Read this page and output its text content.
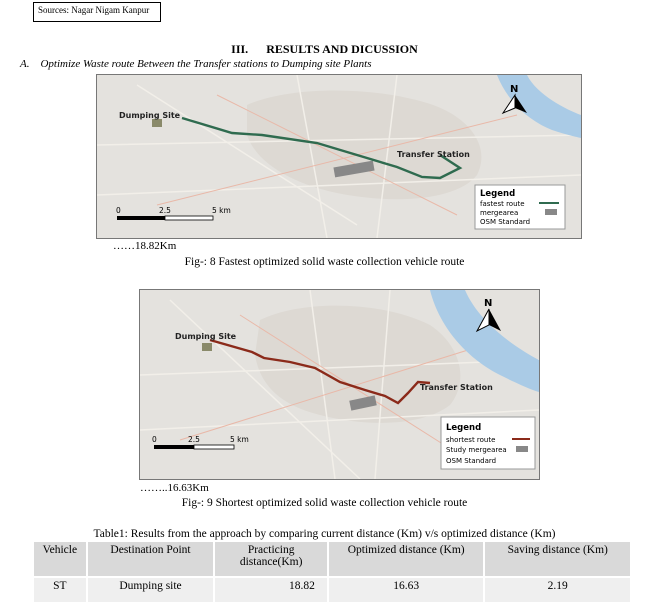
Sources: Nagar Nigam Kanpur
III. RESULTS AND DICUSSION
A. Optimize Waste route Between the Transfer stations to Dumping site Plants
Dumping Site
Transfer Station
N
0	2.5	5 km
Legend
fastest route
mergearea
OSM Standard
……18.82Km
Fig-: 8 Fastest optimized solid waste collection vehicle route
Dumping Site
Transfer Station
N
0	2.5	5 km
Legend
shortest route
Study mergearea
OSM Standard
……..16.63Km
Fig-: 9 Shortest optimized solid waste collection vehicle route
Table1: Results from the approach by comparing current distance (Km) v/s optimized distance (Km)
Vehicle	Destination Point	Practicing distance(Km)	Optimized distance (Km)	Saving distance (Km)
ST	Dumping site	18.82	16.63	2.19
